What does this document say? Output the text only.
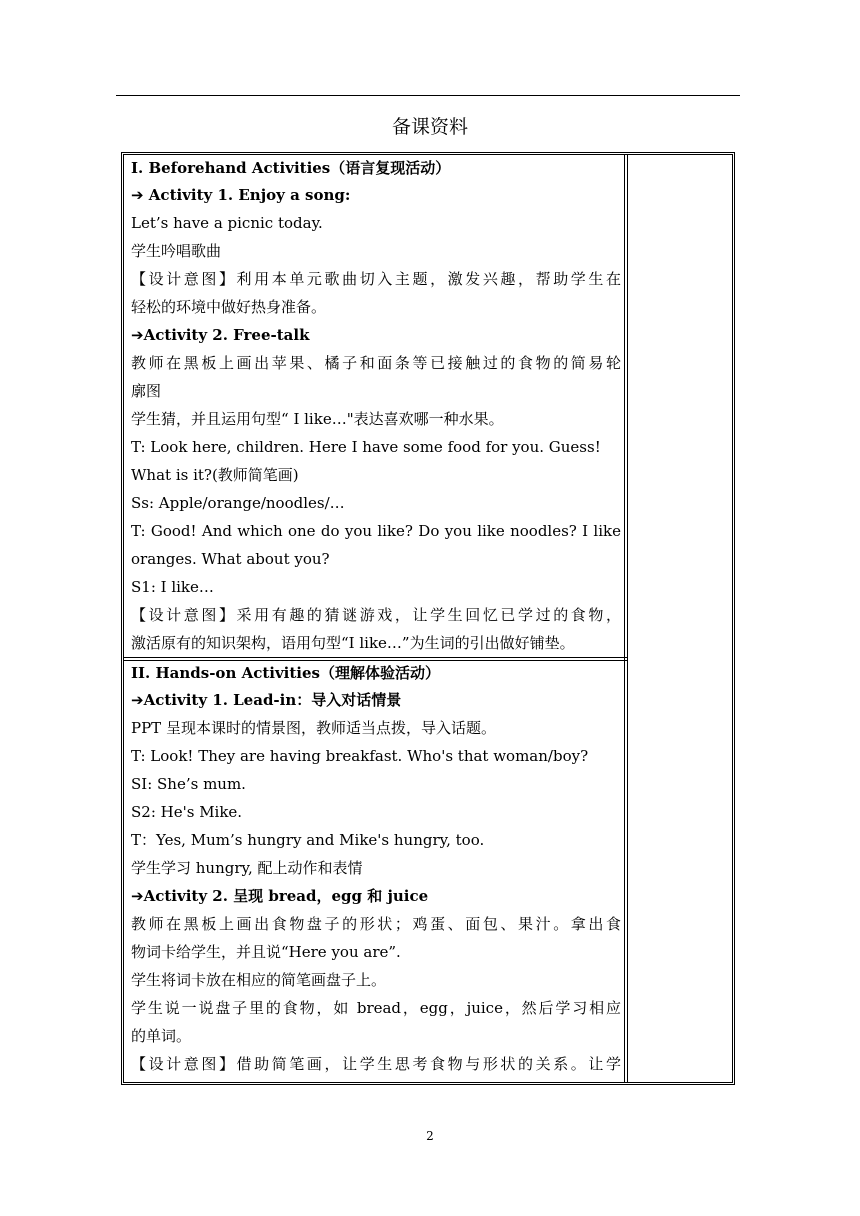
备课资料
I. Beforehand Activities（语言复现活动）
➔ Activity 1. Enjoy a song:
Let’s have a picnic today.
学生吟唱歌曲
【设计意图】利用本单元歌曲切入主题，激发兴趣，帮助学生在
轻松的环境中做好热身准备。
➔Activity 2. Free-talk
教师在黑板上画出苹果、橘子和面条等已接触过的食物的简易轮
廓图
学生猜，并且运用句型“ I like…"表达喜欢哪一种水果。
T: Look here, children. Here I have some food for you. Guess!
What is it?(教师简笔画)
Ss: Apple/orange/noodles/…
T: Good! And which one do you like? Do you like noodles? I like
oranges. What about you?
S1: I like…
【设计意图】采用有趣的猜谜游戏，让学生回忆已学过的食物，
激活原有的知识架构，语用句型“I like…”为生词的引出做好铺垫。
II. Hands-on Activities（理解体验活动）
➔Activity 1. Lead-in：导入对话情景
PPT 呈现本课时的情景图，教师适当点拨，导入话题。
T: Look! They are having breakfast. Who's that woman/boy?
SI: She’s mum.
S2: He's Mike.
T：Yes, Mum’s hungry and Mike's hungry, too.
学生学习 hungry, 配上动作和表情
➔Activity 2. 呈现 bread，egg 和 juice
教师在黑板上画出食物盘子的形状；鸡蛋、面包、果汁。拿出食
物词卡给学生，并且说“Here you are”.
学生将词卡放在相应的简笔画盘子上。
学生说一说盘子里的食物，如 bread，egg，juice，然后学习相应
的单词。
【设计意图】借助简笔画，让学生思考食物与形状的关系。让学
2
